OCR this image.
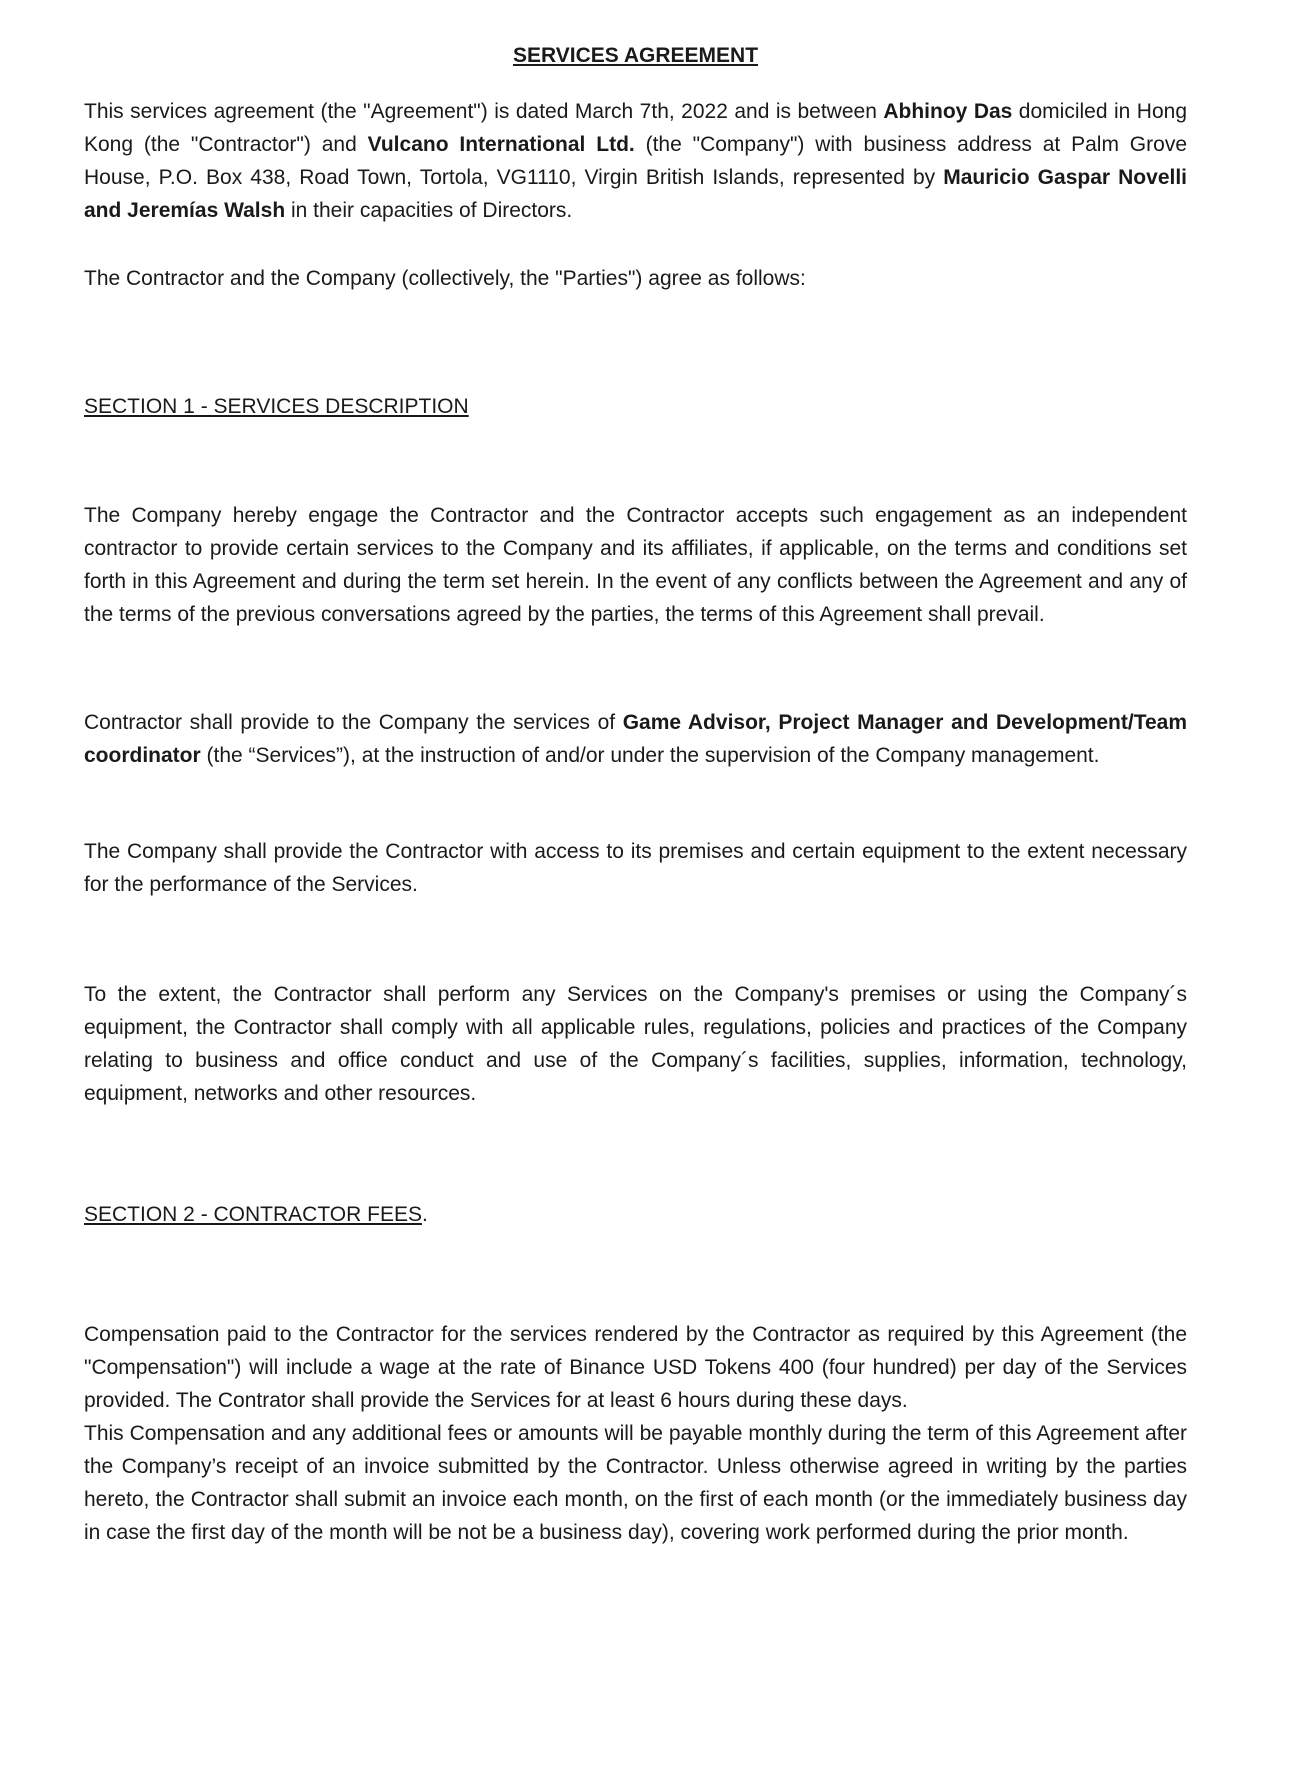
SERVICES AGREEMENT

This services agreement (the "Agreement") is dated March 7th, 2022 and is between Abhinoy Das domiciled in Hong Kong (the "Contractor") and Vulcano International Ltd. (the "Company") with business address at Palm Grove House, P.O. Box 438, Road Town, Tortola, VG1110, Virgin British Islands, represented by Mauricio Gaspar Novelli and Jeremías Walsh in their capacities of Directors.

The Contractor and the Company (collectively, the "Parties") agree as follows:

SECTION 1 - SERVICES DESCRIPTION

The Company hereby engage the Contractor and the Contractor accepts such engagement as an independent contractor to provide certain services to the Company and its affiliates, if applicable, on the terms and conditions set forth in this Agreement and during the term set herein. In the event of any conflicts between the Agreement and any of the terms of the previous conversations agreed by the parties, the terms of this Agreement shall prevail.

Contractor shall provide to the Company the services of Game Advisor, Project Manager and Development/Team coordinator (the “Services”), at the instruction of and/or under the supervision of the Company management.

The Company shall provide the Contractor with access to its premises and certain equipment to the extent necessary for the performance of the Services.

To the extent, the Contractor shall perform any Services on the Company's premises or using the Company´s equipment, the Contractor shall comply with all applicable rules, regulations, policies and practices of the Company relating to business and office conduct and use of the Company´s facilities, supplies, information, technology, equipment, networks and other resources.

SECTION 2 - CONTRACTOR FEES.

Compensation paid to the Contractor for the services rendered by the Contractor as required by this Agreement (the "Compensation") will include a wage at the rate of Binance USD Tokens 400 (four hundred) per day of the Services provided. The Contrator shall provide the Services for at least 6 hours during these days.

This Compensation and any additional fees or amounts will be payable monthly during the term of this Agreement after the Company’s receipt of an invoice submitted by the Contractor. Unless otherwise agreed in writing by the parties hereto, the Contractor shall submit an invoice each month, on the first of each month (or the immediately business day in case the first day of the month will be not be a business day), covering work performed during the prior month.
